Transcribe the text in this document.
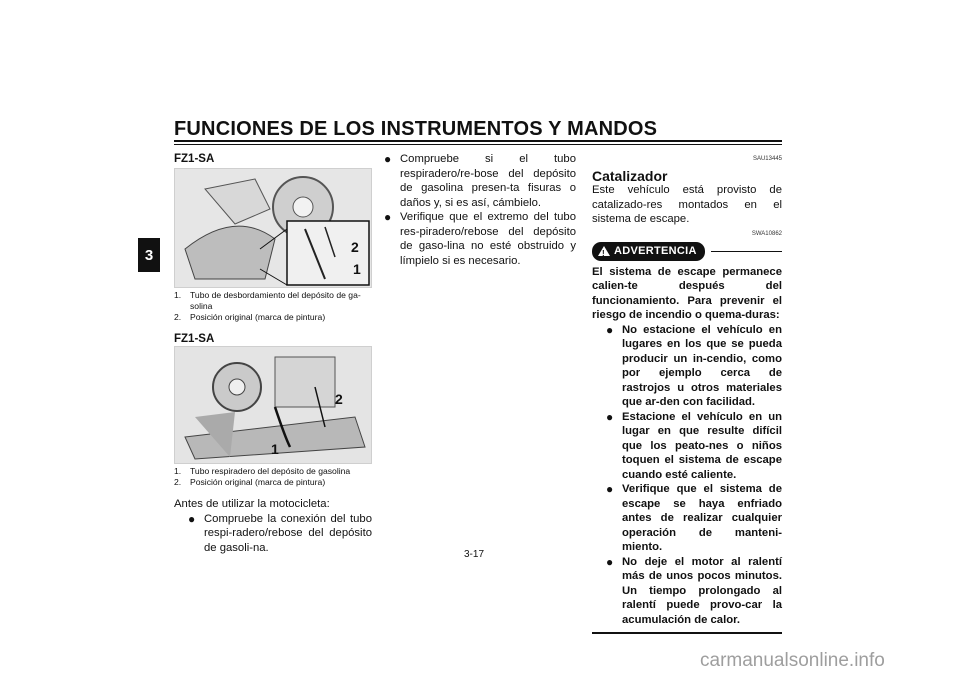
FUNCIONES DE LOS INSTRUMENTOS Y MANDOS
3
FZ1-SA
2
1
1.	Tubo de desbordamiento del depósito de ga-solina
2.	Posición original (marca de pintura)
FZ1-SA
2
1
1.	Tubo respiradero del depósito de gasolina
2.	Posición original (marca de pintura)
Antes de utilizar la motocicleta:
● Compruebe la conexión del tubo respi-radero/rebose del depósito de gasoli-na.
● Compruebe si el tubo respiradero/re-bose del depósito de gasolina presen-ta fisuras o daños y, si es así, cámbielo.
● Verifique que el extremo del tubo res-piradero/rebose del depósito de gaso-lina no esté obstruido y límpielo si es necesario.
SAU13445
Catalizador
Este vehículo está provisto de catalizado-res montados en el sistema de escape.
SWA10862
!
ADVERTENCIA
El sistema de escape permanece calien-te después del funcionamiento. Para prevenir el riesgo de incendio o quema-duras:
● No estacione el vehículo en lugares en los que se pueda producir un in-cendio, como por ejemplo cerca de rastrojos u otros materiales que ar-den con facilidad.
● Estacione el vehículo en un lugar en que resulte difícil que los peato-nes o niños toquen el sistema de escape cuando esté caliente.
● Verifique que el sistema de escape se haya enfriado antes de realizar cualquier operación de manteni-miento.
● No deje el motor al ralentí más de unos pocos minutos. Un tiempo prolongado al ralentí puede provo-car la acumulación de calor.
3-17
carmanualsonline.info
